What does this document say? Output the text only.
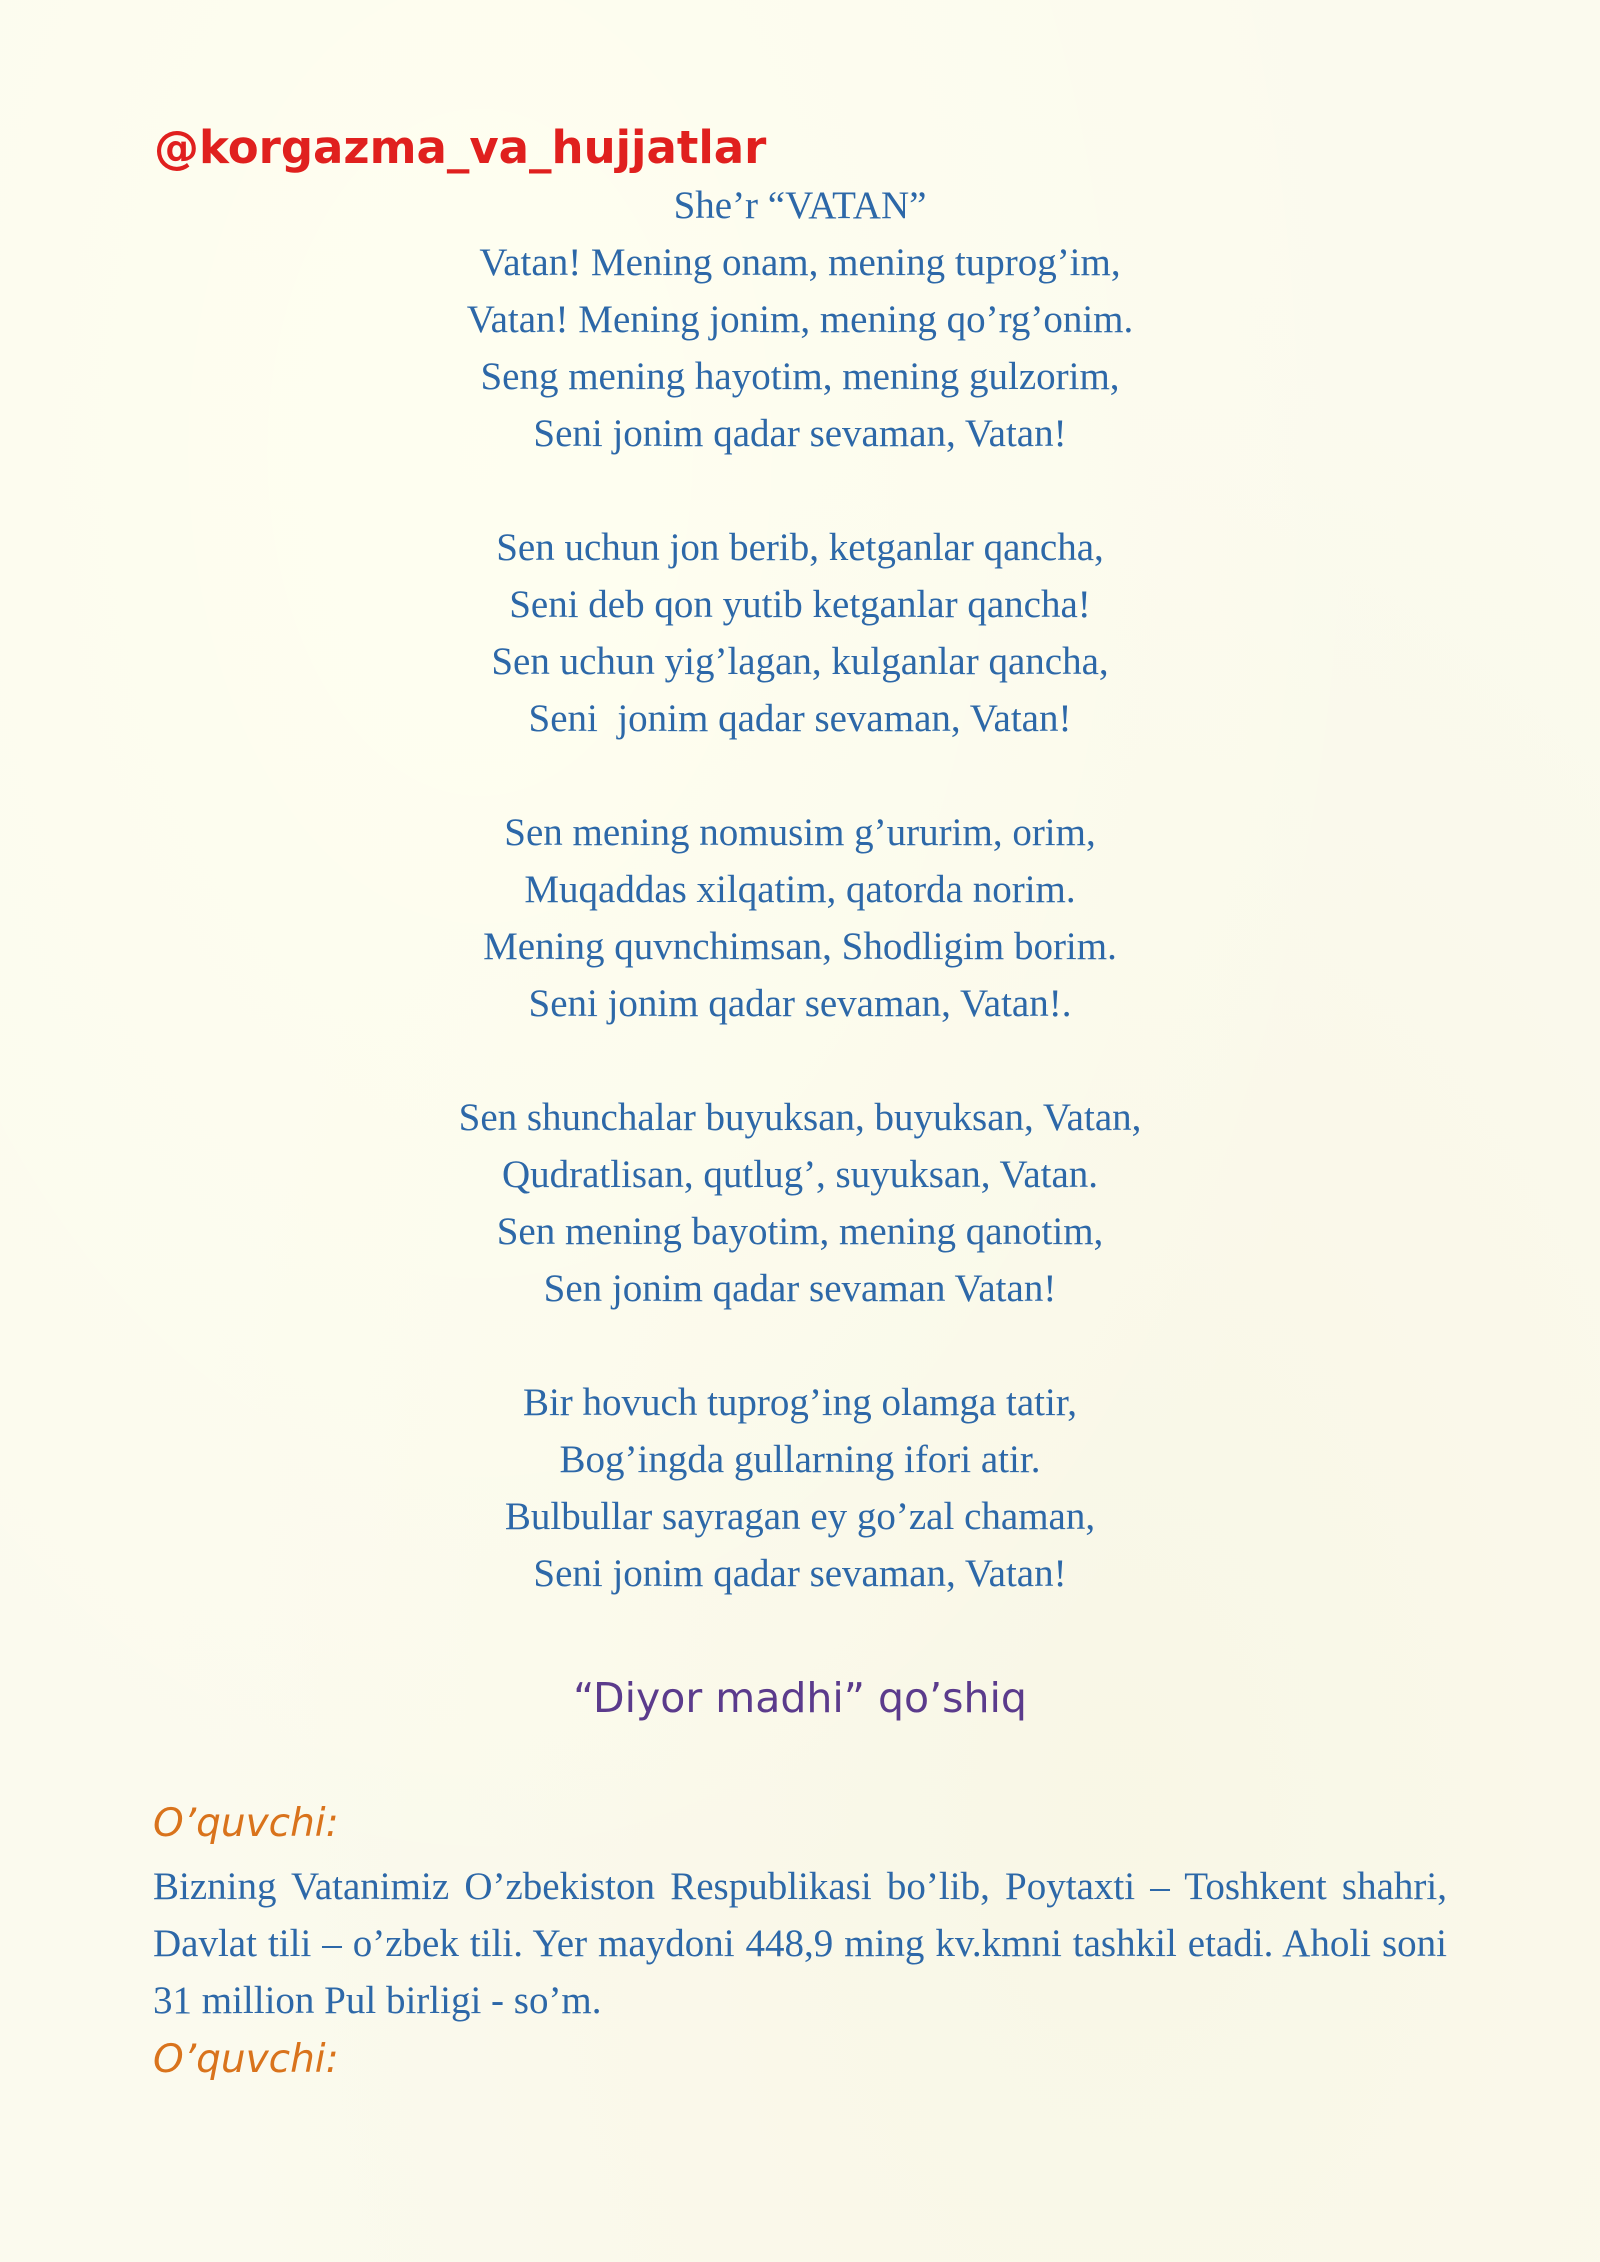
@korgazma_va_hujjatlar
She’r “VATAN”
Vatan! Mening onam, mening tuprog’im,
Vatan! Mening jonim, mening qo’rg’onim.
Seng mening hayotim, mening gulzorim,
Seni jonim qadar sevaman, Vatan!
Sen uchun jon berib, ketganlar qancha,
Seni deb qon yutib ketganlar qancha!
Sen uchun yig’lagan, kulganlar qancha,
Seni  jonim qadar sevaman, Vatan!
Sen mening nomusim g’ururim, orim,
Muqaddas xilqatim, qatorda norim.
Mening quvnchimsan, Shodligim borim.
Seni jonim qadar sevaman, Vatan!.
Sen shunchalar buyuksan, buyuksan, Vatan,
Qudratlisan, qutlug’, suyuksan, Vatan.
Sen mening bayotim, mening qanotim,
Sen jonim qadar sevaman Vatan!
Bir hovuch tuprog’ing olamga tatir,
Bog’ingda gullarning ifori atir.
Bulbullar sayragan ey go’zal chaman,
Seni jonim qadar sevaman, Vatan!
“Diyor madhi” qo’shiq
O’quvchi:
Bizning Vatanimiz O’zbekiston Respublikasi bo’lib, Poytaxti – Toshkent shahri, Davlat tili – o’zbek tili. Yer maydoni 448,9 ming kv.kmni tashkil etadi. Aholi soni 31 million Pul birligi - so’m.
O’quvchi:
